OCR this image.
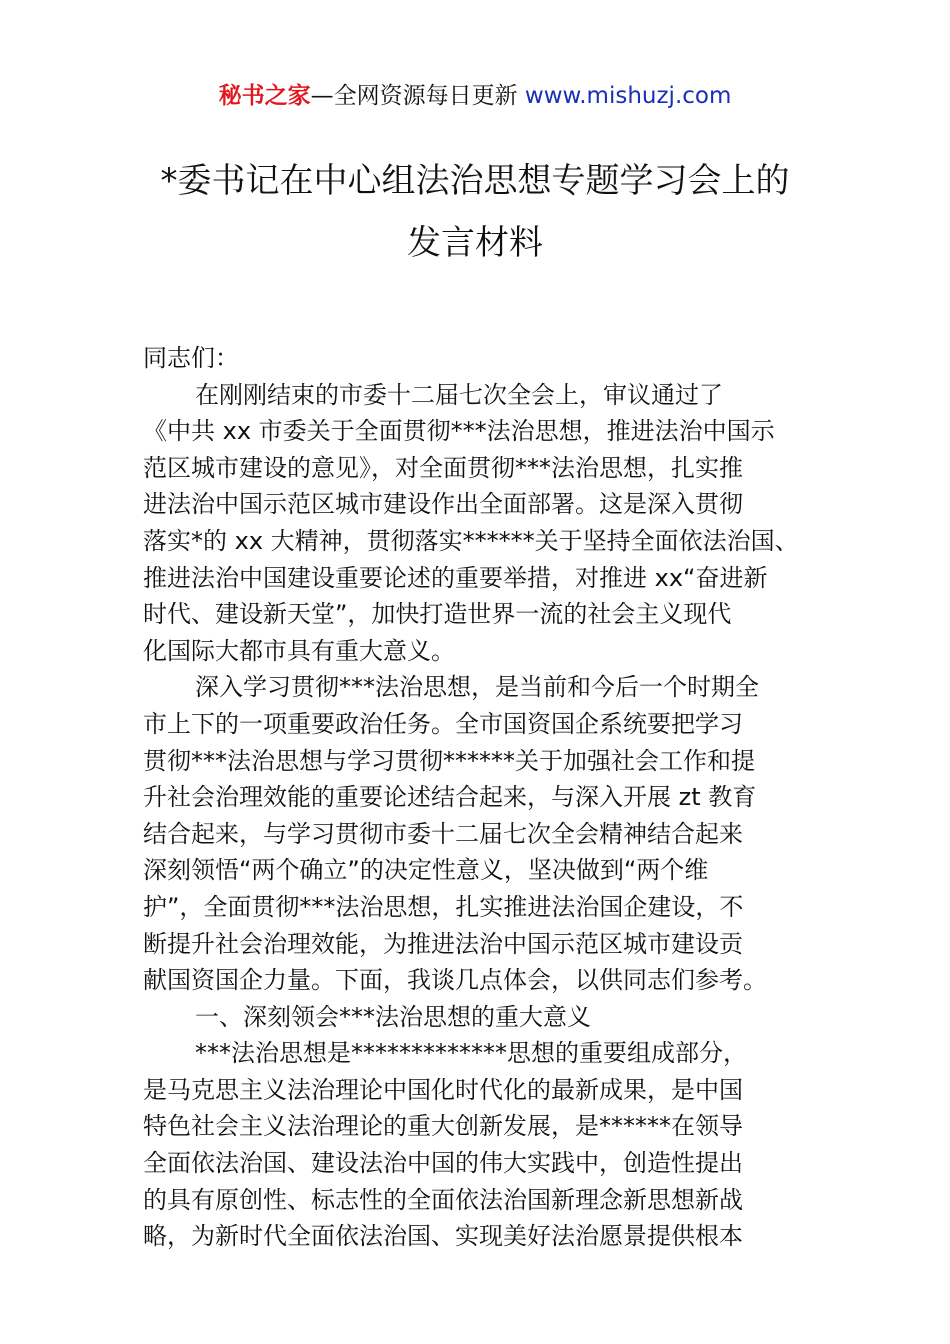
秘书之家—全网资源每日更新 www.mishuzj.com
*委书记在中心组法治思想专题学习会上的
发言材料
同志们：
在刚刚结束的市委十二届七次全会上，审议通过了
《中共 xx 市委关于全面贯彻***法治思想，推进法治中国示
范区城市建设的意见》，对全面贯彻***法治思想，扎实推
进法治中国示范区城市建设作出全面部署。这是深入贯彻
落实*的 xx 大精神，贯彻落实******关于坚持全面依法治国、
推进法治中国建设重要论述的重要举措，对推进 xx“奋进新
时代、建设新天堂”，加快打造世界一流的社会主义现代
化国际大都市具有重大意义。
深入学习贯彻***法治思想，是当前和今后一个时期全
市上下的一项重要政治任务。全市国资国企系统要把学习
贯彻***法治思想与学习贯彻******关于加强社会工作和提
升社会治理效能的重要论述结合起来，与深入开展 zt 教育
结合起来，与学习贯彻市委十二届七次全会精神结合起来
深刻领悟“两个确立”的决定性意义，坚决做到“两个维
护”，全面贯彻***法治思想，扎实推进法治国企建设，不
断提升社会治理效能，为推进法治中国示范区城市建设贡
献国资国企力量。下面，我谈几点体会，以供同志们参考。
一、深刻领会***法治思想的重大意义
***法治思想是*************思想的重要组成部分，
是马克思主义法治理论中国化时代化的最新成果，是中国
特色社会主义法治理论的重大创新发展，是******在领导
全面依法治国、建设法治中国的伟大实践中，创造性提出
的具有原创性、标志性的全面依法治国新理念新思想新战
略，为新时代全面依法治国、实现美好法治愿景提供根本
